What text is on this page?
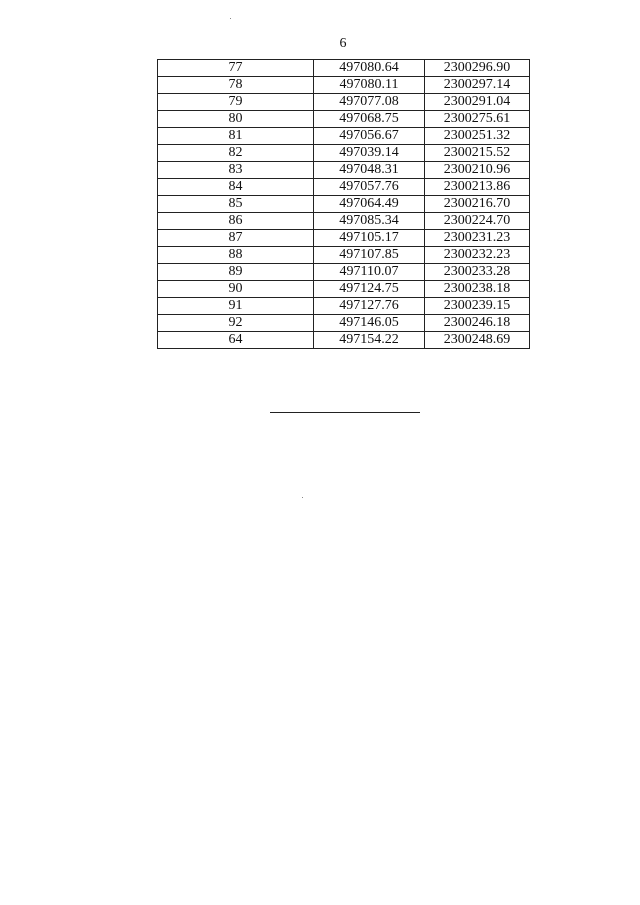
6
77	497080.64	2300296.90
78	497080.11	2300297.14
79	497077.08	2300291.04
80	497068.75	2300275.61
81	497056.67	2300251.32
82	497039.14	2300215.52
83	497048.31	2300210.96
84	497057.76	2300213.86
85	497064.49	2300216.70
86	497085.34	2300224.70
87	497105.17	2300231.23
88	497107.85	2300232.23
89	497110.07	2300233.28
90	497124.75	2300238.18
91	497127.76	2300239.15
92	497146.05	2300246.18
64	497154.22	2300248.69
